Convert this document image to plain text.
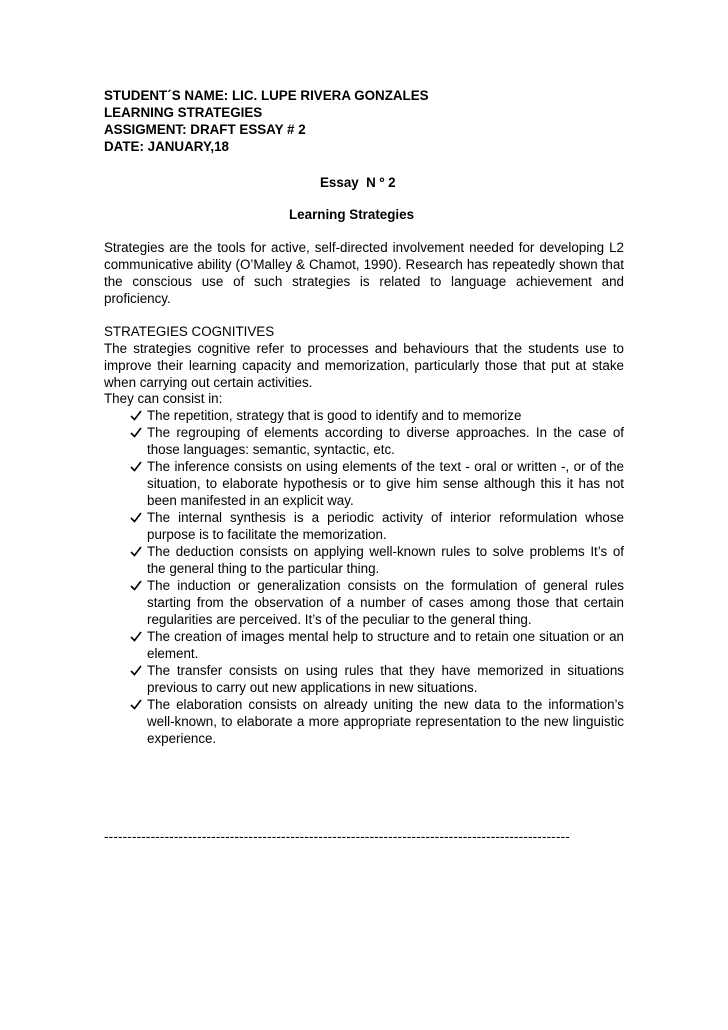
STUDENT´S NAME: LIC. LUPE RIVERA GONZALES
LEARNING STRATEGIES
ASSIGMENT: DRAFT ESSAY # 2
DATE: JANUARY,18
Essay  N º 2
Learning Strategies
Strategies are the tools for active, self-directed involvement needed for developing L2 communicative ability (O’Malley & Chamot, 1990). Research has repeatedly shown that the conscious use of such strategies is related to language achievement and proficiency.
STRATEGIES COGNITIVES
The strategies cognitive refer to processes and behaviours that the students use to improve their learning capacity and memorization, particularly those that put at stake when carrying out certain activities.
They can consist in:
The repetition, strategy that is good to identify and to memorize
The regrouping of elements according to diverse approaches. In the case of those languages: semantic, syntactic, etc.
The inference consists on using elements of the text - oral or written -, or of the situation, to elaborate hypothesis or to give him sense although this it has not been manifested in an explicit way.
The internal synthesis is a periodic activity of interior reformulation whose purpose is to facilitate the memorization.
The deduction consists on applying well-known rules to solve problems It’s of the general thing to the particular thing.
The induction or generalization consists on the formulation of general rules starting from the observation of a number of cases among those that certain regularities are perceived. It’s of the peculiar to the general thing.
The creation of images mental help to structure and to retain one situation or an element.
The transfer consists on using rules that they have memorized in situations previous to carry out new applications in new situations.
The elaboration consists on already uniting the new data to the information’s well-known, to elaborate a more appropriate representation to the new linguistic experience.
----------------------------------------------------------------------------------------------------
